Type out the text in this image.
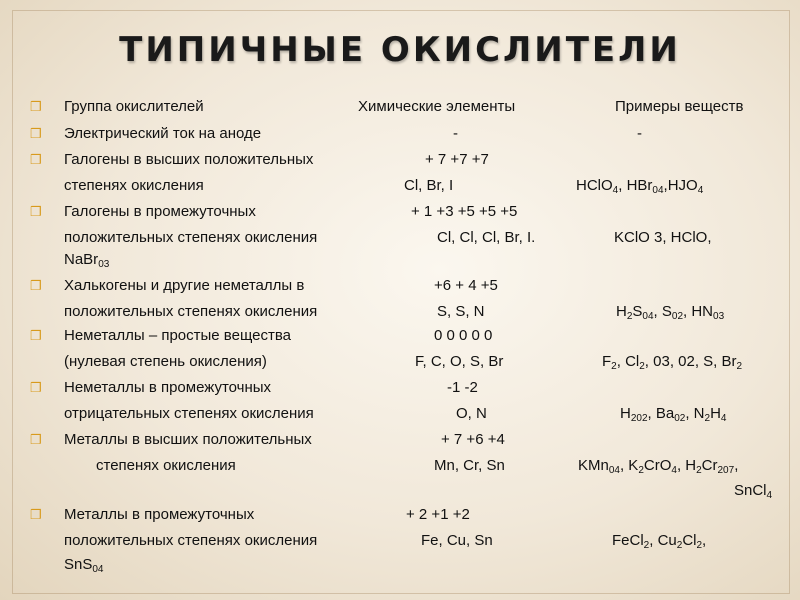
ТИПИЧНЫЕ ОКИСЛИТЕЛИ
❒ Группа окислителей	Химические элементы	Примеры веществ
❒ Электрический ток на аноде	-	-
❒ Галогены в высших положительных	+ 7 +7 +7
степенях окисления	Cl, Br, I	HClO$_4$, $HBr_{04},HJO_4$
❒ Галогены в промежуточных	+ 1 +3 +5 +5 +5
положительных степенях окисления	Cl, Cl, Cl, Br, I.	KClO 3, HClO,
NaBr$_{03}$
❒ Халькогены и другие неметаллы в	+6 + 4 +5
положительных степенях окисления	S, S, N	$H_2S_{04}$, $S_{02}$, $HN_{03}$
❒ Неметаллы – простые вещества	0 0 0 0 0
(нулевая степень окисления)	F, C, O, S, Br	$F_2$, $Cl_2$, 03, 02, S, $Br_2$
❒ Неметаллы в промежуточных	-1 -2
отрицательных степенях окисления	O, N	$H_{202}$, $Ba_{02}$, $N_2H_4$
❒ Металлы в высших положительных	+ 7 +6 +4
степенях окисления	Mn, Cr, Sn	KMn$_{04}$, $K_2CrO_4$, $H_2Cr_{207}$,
SnCl$_4$
❒ Металлы в промежуточных	+ 2 +1 +2
положительных степенях окисления	Fe, Cu, Sn	FeCl$_2$, $Cu_2Cl_2$,
SnS$_{04}$
